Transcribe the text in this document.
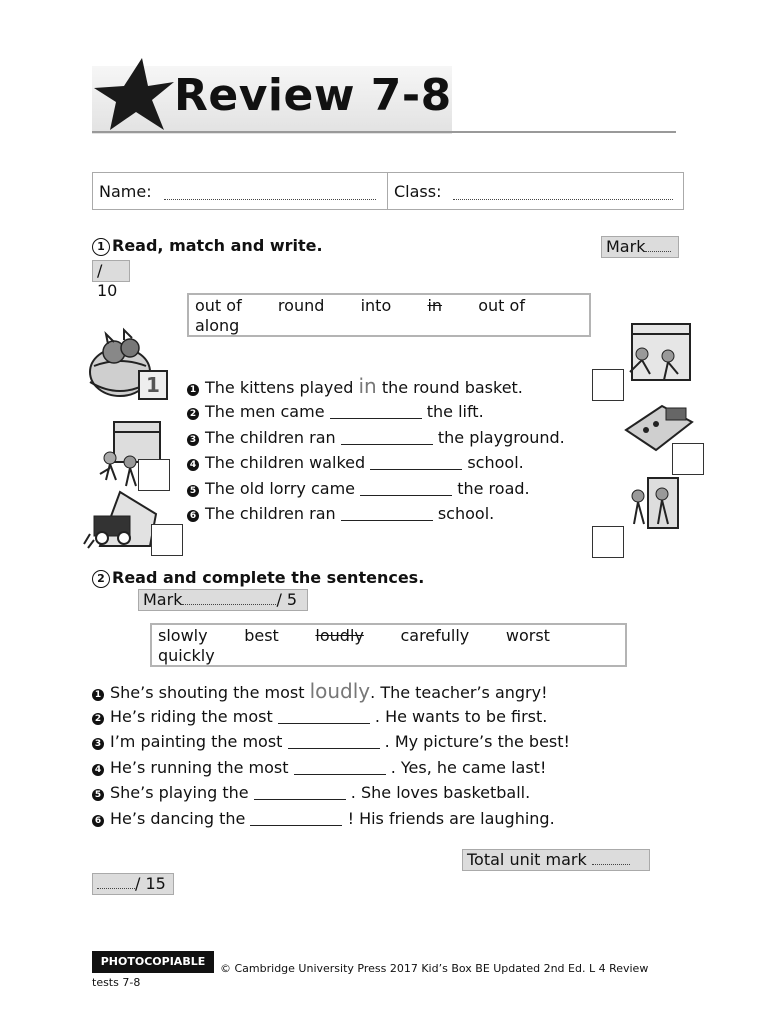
Review 7-8
Name:	Class:
1 Read, match and write.	Mark
/ 10
out of round into in out of
along
1	1 The kittens played in the round basket.
2 The men came	the lift.
3 The children ran	the playground.
4 The children walked	school.
5 The old lorry came	the road.
6 The children ran	school.
2 Read and complete the sentences.
Mark	/ 5
slowly best loudly carefully worst
quickly
1 She’s shouting the most loudly. The teacher’s angry!
2 He’s riding the most	. He wants to be first.
3 I’m painting the most	. My picture’s the best!
4 He’s running the most	. Yes, he came last!
5 She’s playing the	. She loves basketball.
6 He’s dancing the	! His friends are laughing.
Total unit mark
/ 15
PHOTOCOPIABLE
© Cambridge University Press 2017 Kid’s Box BE Updated 2nd Ed. L 4 Review
tests 7-8
